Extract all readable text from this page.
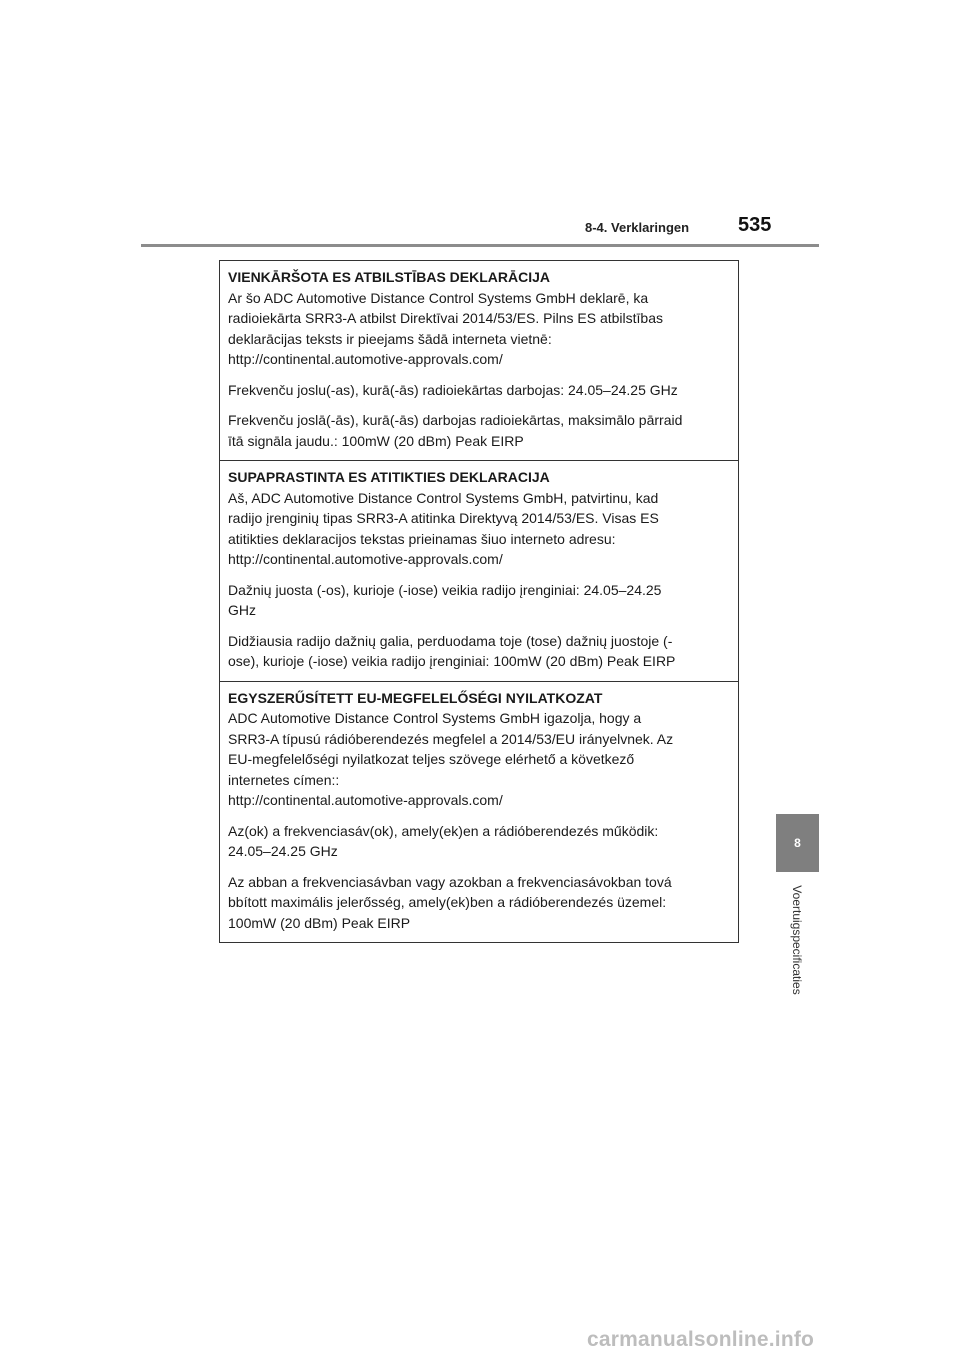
8-4. Verklaringen 535
8
Voertuigspecificaties
VIENKĀRŠOTA ES ATBILSTĪBAS DEKLARĀCIJA
Ar šo ADC Automotive Distance Control Systems GmbH deklarē, ka
radioiekārta SRR3-A atbilst Direktīvai 2014/53/ES. Pilns ES atbilstības
deklarācijas teksts ir pieejams šādā interneta vietnē:
http://continental.automotive-approvals.com/
Frekvenču joslu(-as), kurā(-ās) radioiekārtas darbojas: 24.05–24.25 GHz
Frekvenču joslā(-ās), kurā(-ās) darbojas radioiekārtas, maksimālo pārraid
ītā signāla jaudu.: 100mW (20 dBm) Peak EIRP
SUPAPRASTINTA ES ATITIKTIES DEKLARACIJA
Aš, ADC Automotive Distance Control Systems GmbH, patvirtinu, kad
radijo įrenginių tipas SRR3-A atitinka Direktyvą 2014/53/ES. Visas ES
atitikties deklaracijos tekstas prieinamas šiuo interneto adresu:
http://continental.automotive-approvals.com/
Dažnių juosta (-os), kurioje (-iose) veikia radijo įrenginiai: 24.05–24.25
GHz
Didžiausia radijo dažnių galia, perduodama toje (tose) dažnių juostoje (-
ose), kurioje (-iose) veikia radijo įrenginiai: 100mW (20 dBm) Peak EIRP
EGYSZERŰSÍTETT EU-MEGFELELŐSÉGI NYILATKOZAT
ADC Automotive Distance Control Systems GmbH igazolja, hogy a
SRR3-A típusú rádióberendezés megfelel a 2014/53/EU irányelvnek. Az
EU-megfelelőségi nyilatkozat teljes szövege elérhető a következő
internetes címen::
http://continental.automotive-approvals.com/
Az(ok) a frekvenciasáv(ok), amely(ek)en a rádióberendezés működik:
24.05–24.25 GHz
Az abban a frekvenciasávban vagy azokban a frekvenciasávokban tová
bbított maximális jelerősség, amely(ek)ben a rádióberendezés üzemel:
100mW (20 dBm) Peak EIRP
carmanualsonline.info
